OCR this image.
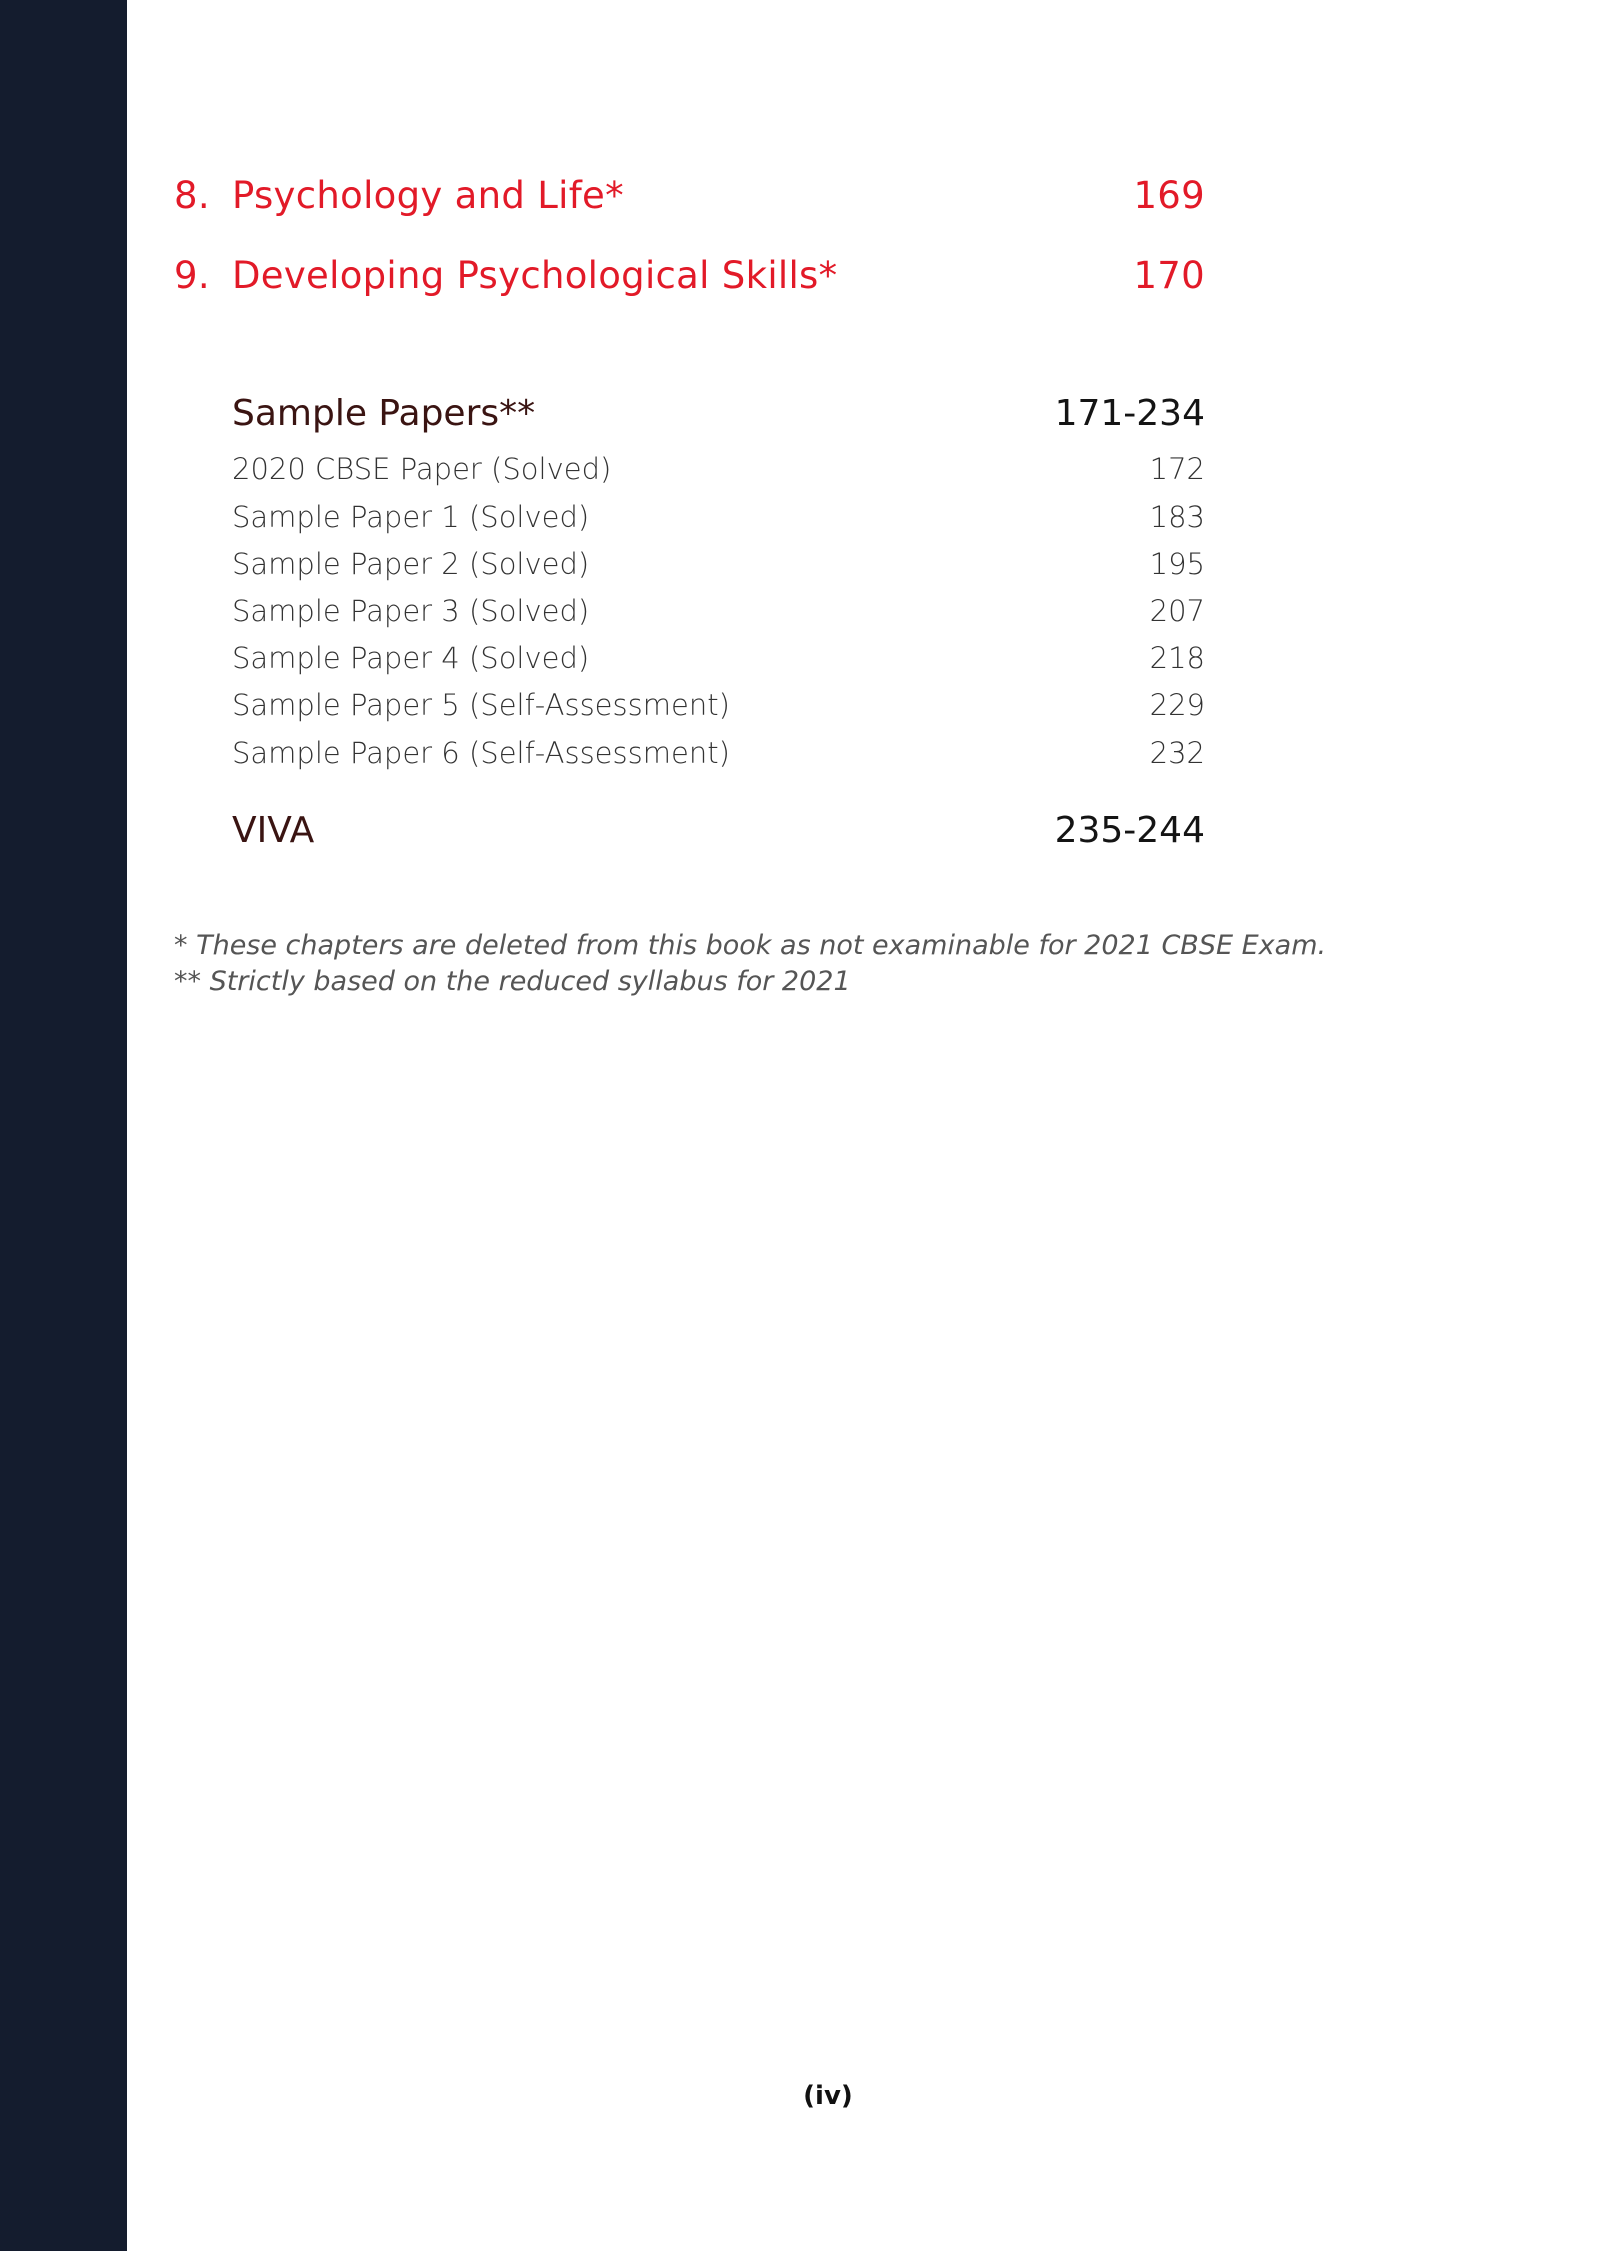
8. Psychology and Life*	169
9. Developing Psychological Skills*	170
Sample Papers**	171-234
2020 CBSE Paper (Solved)	172
Sample Paper 1 (Solved)	183
Sample Paper 2 (Solved)	195
Sample Paper 3 (Solved)	207
Sample Paper 4 (Solved)	218
Sample Paper 5 (Self-Assessment)	229
Sample Paper 6 (Self-Assessment)	232
VIVA	235-244
* These chapters are deleted from this book as not examinable for 2021 CBSE Exam.
** Strictly based on the reduced syllabus for 2021
(iv)
